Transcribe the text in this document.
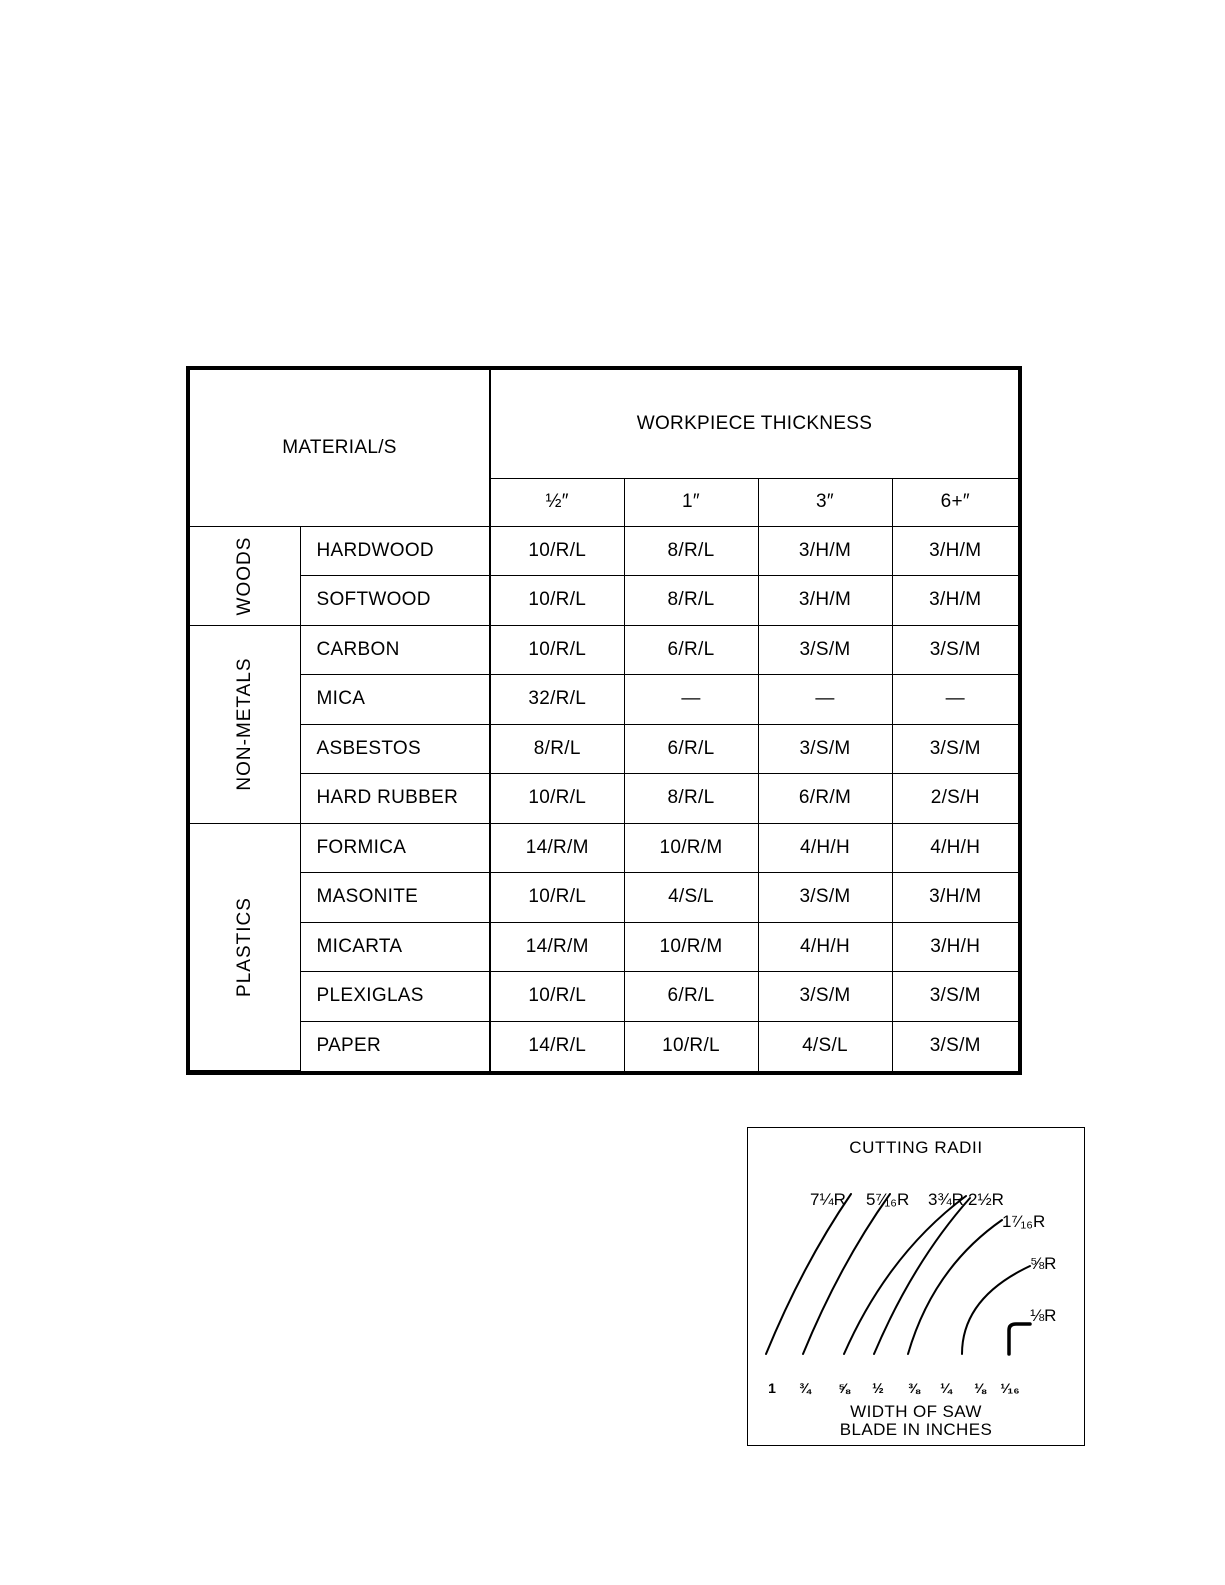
MATERIAL/S		WORKPIECE THICKNESS			
		½″	1″	3″	6+″

WOODS	HARDWOOD	10/R/L	8/R/L	3/H/M	3/H/M
	SOFTWOOD	10/R/L	8/R/L	3/H/M	3/H/M

NON-METALS	CARBON	10/R/L	6/R/L	3/S/M	3/S/M
	MICA	32/R/L	—	—	—
	ASBESTOS	8/R/L	6/R/L	3/S/M	3/S/M
	HARD RUBBER	10/R/L	8/R/L	6/R/M	2/S/H

PLASTICS	FORMICA	14/R/M	10/R/M	4/H/H	4/H/H
	MASONITE	10/R/L	4/S/L	3/S/M	3/H/M
	MICARTA	14/R/M	10/R/M	4/H/H	3/H/H
	PLEXIGLAS	10/R/L	6/R/L	3/S/M	3/S/M
	PAPER	14/R/L	10/R/L	4/S/L	3/S/M
CUTTING RADII
7¼R 5⁷⁄₁₆R 3¾R 2½R
1⁷⁄₁₆R
⅝R
⅛R
1 ¾ ⅝ ½ ⅜ ¼ ⅛ ¹⁄₁₆
WIDTH OF SAW
BLADE IN INCHES
